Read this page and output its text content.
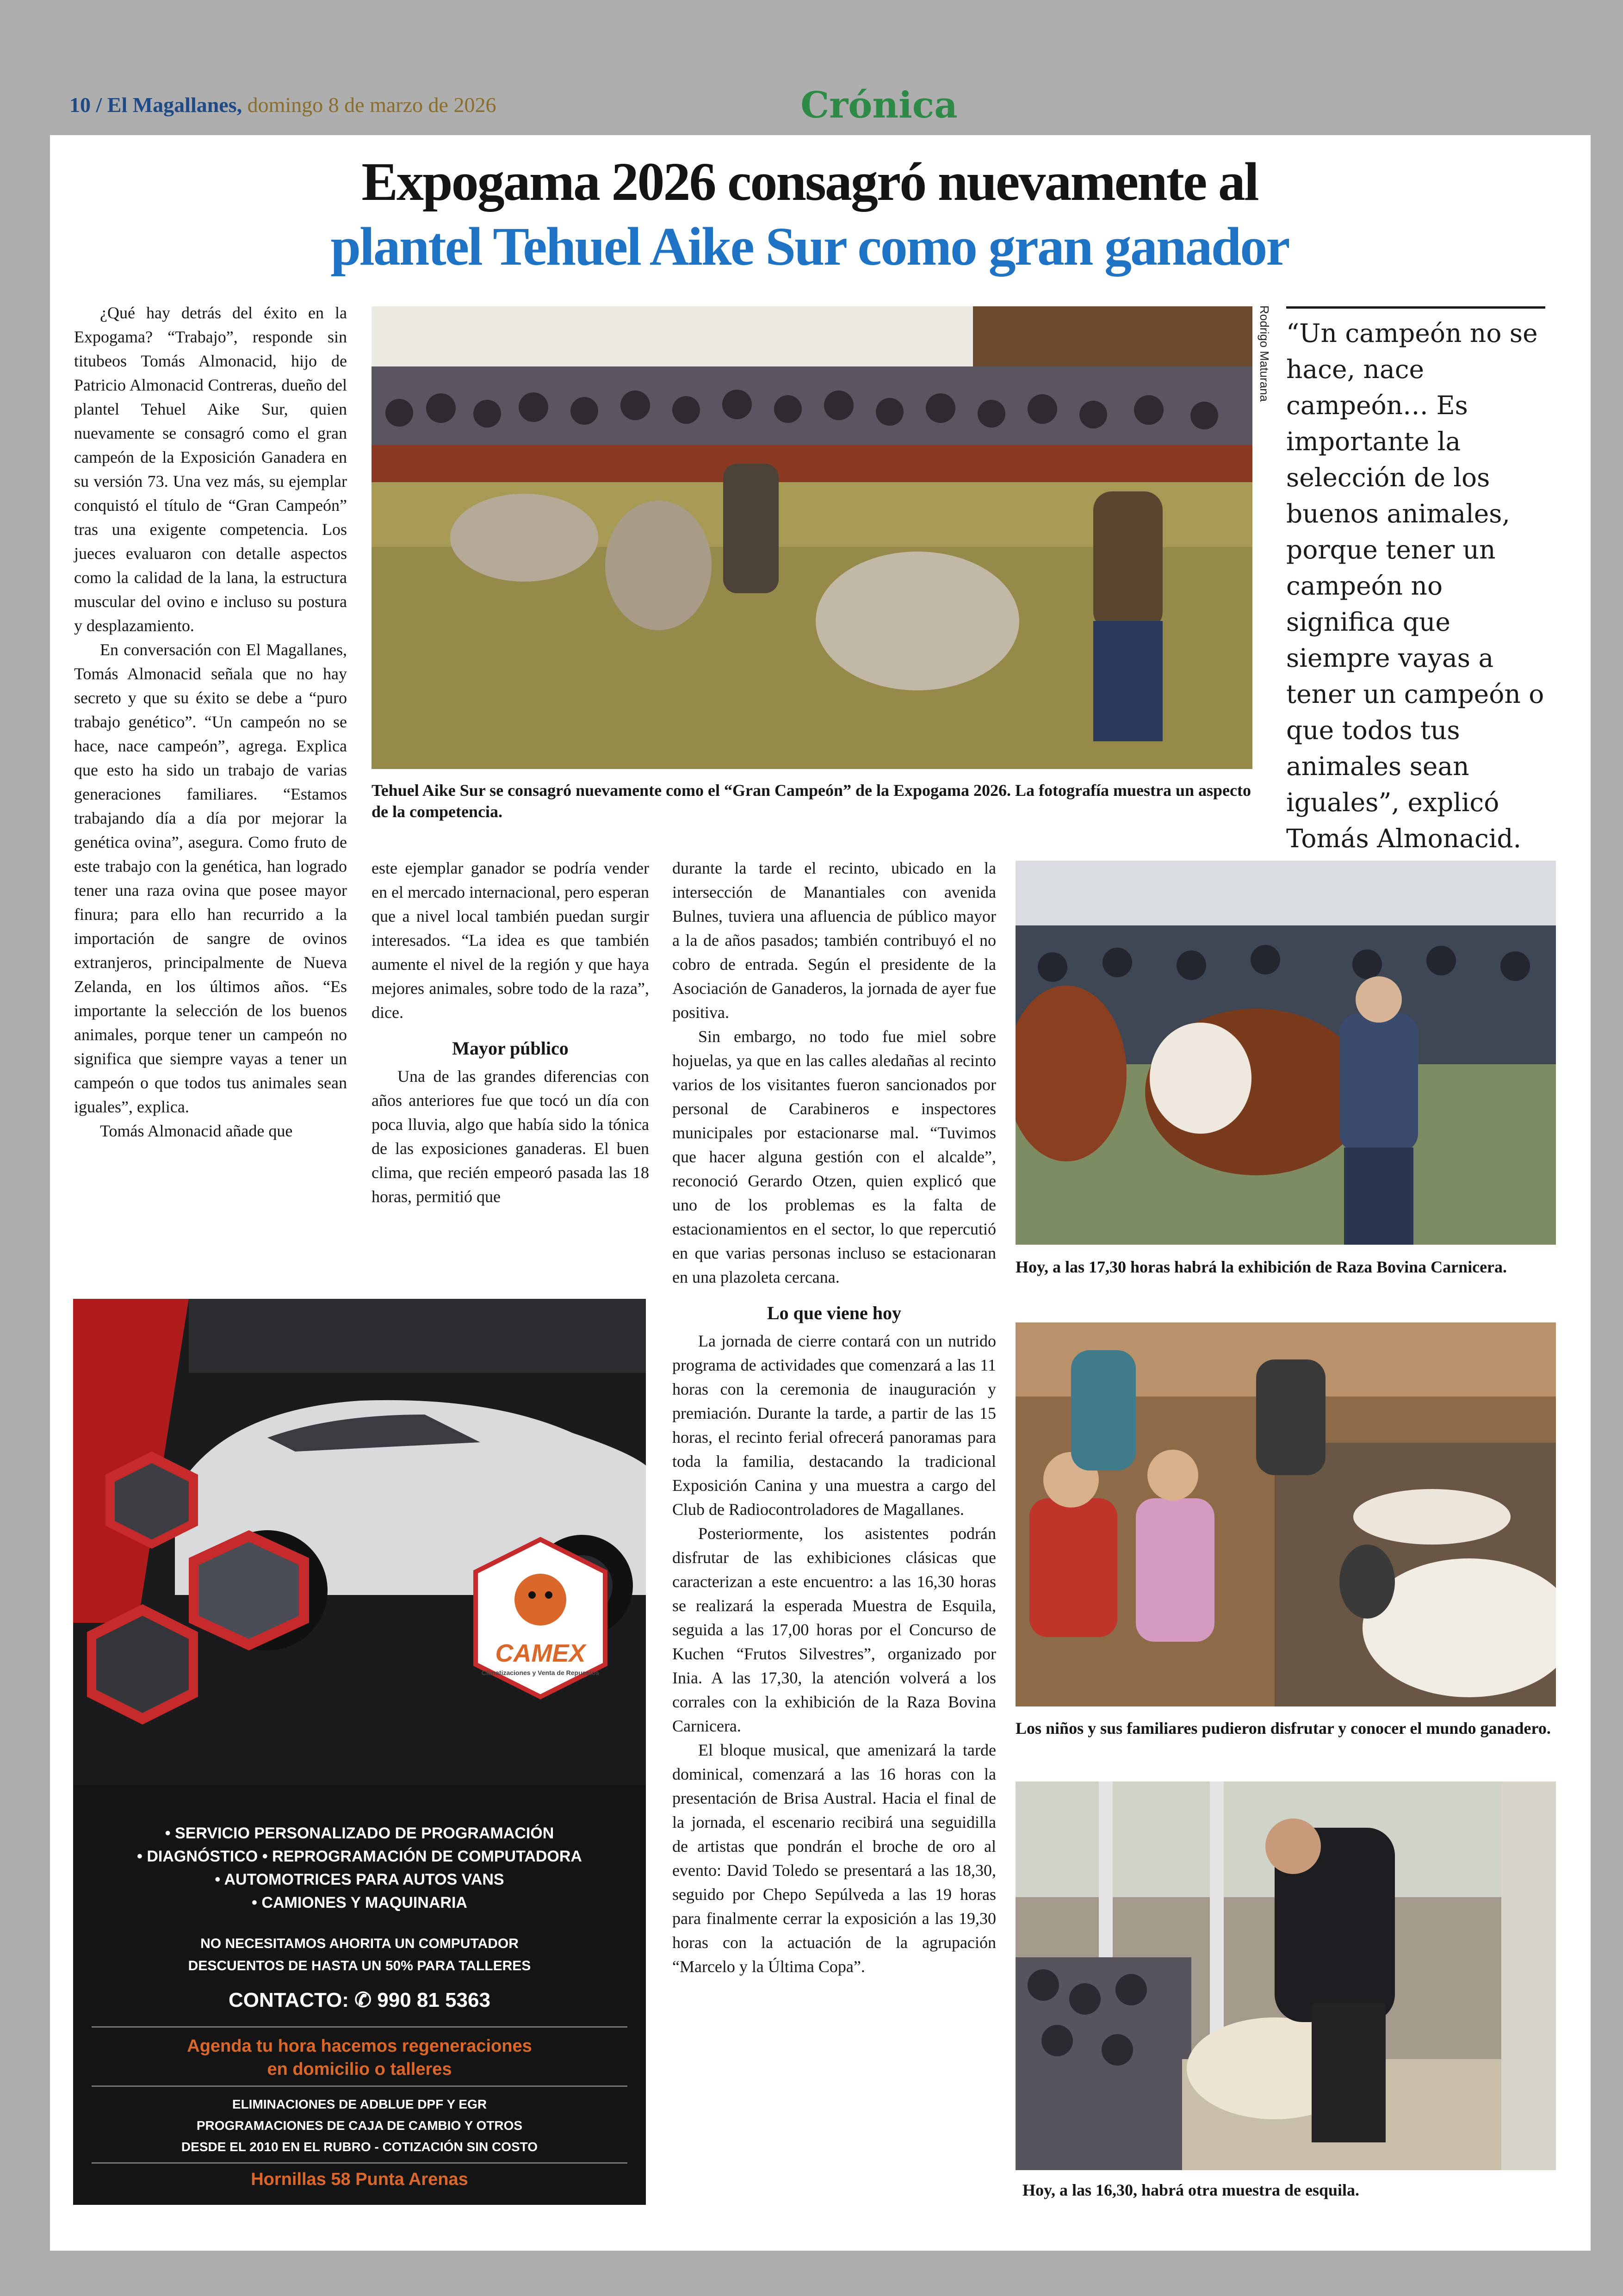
10 / El Magallanes, domingo 8 de marzo de 2026	Crónica
Expogama 2026 consagró nuevamente al
plantel Tehuel Aike Sur como gran ganador

¿Qué hay detrás del éxito en la Expogama? “Trabajo”, responde sin titubeos Tomás Almonacid, hijo de Patricio Almonacid Contreras, dueño del plantel Tehuel Aike Sur, quien nuevamente se consagró como el gran campeón de la Exposición Ganadera en su versión 73. Una vez más, su ejemplar conquistó el título de “Gran Campeón” tras una exigente competencia. Los jueces evaluaron con detalle aspectos como la calidad de la lana, la estructura muscular del ovino e incluso su postura y desplazamiento.

En conversación con El Magallanes, Tomás Almonacid señala que no hay secreto y que su éxito se debe a “puro trabajo genético”. “Un campeón no se hace, nace campeón”, agrega. Explica que esto ha sido un trabajo de varias generaciones familiares. “Estamos trabajando día a día por mejorar la genética ovina”, asegura. Como fruto de este trabajo con la genética, han logrado tener una raza ovina que posee mayor finura; para ello han recurrido a la importación de sangre de ovinos extranjeros, principalmente de Nueva Zelanda, en los últimos años. “Es importante la selección de los buenos animales, porque tener un campeón no significa que siempre vayas a tener un campeón o que todos tus animales sean iguales”, explica.

Tomás Almonacid añade que

Rodrigo Maturana
Tehuel Aike Sur se consagró nuevamente como el “Gran Campeón” de la Expogama 2026. La fotografía muestra un aspecto de la competencia.
“Un campeón no se hace, nace campeón… Es importante la selección de los buenos animales, porque tener un campeón no significa que siempre vayas a tener un campeón o que todos tus animales sean iguales”, explicó Tomás Almonacid.

este ejemplar ganador se podría vender en el mercado internacional, pero esperan que a nivel local también puedan surgir interesados. “La idea es que también aumente el nivel de la región y que haya mejores animales, sobre todo de la raza”, dice.

Mayor público

Una de las grandes diferencias con años anteriores fue que tocó un día con poca lluvia, algo que había sido la tónica de las exposiciones ganaderas. El buen clima, que recién empeoró pasada las 18 horas, permitió que

durante la tarde el recinto, ubicado en la intersección de Manantiales con avenida Bulnes, tuviera una afluencia de público mayor a la de años pasados; también contribuyó el no cobro de entrada. Según el presidente de la Asociación de Ganaderos, la jornada de ayer fue positiva.

Sin embargo, no todo fue miel sobre hojuelas, ya que en las calles aledañas al recinto varios de los visitantes fueron sancionados por personal de Carabineros e inspectores municipales por estacionarse mal. “Tuvimos que hacer alguna gestión con el alcalde”, reconoció Gerardo Otzen, quien explicó que uno de los problemas es la falta de estacionamientos en el sector, lo que repercutió en que varias personas incluso se estacionaran en una plazoleta cercana.

Lo que viene hoy

La jornada de cierre contará con un nutrido programa de actividades que comenzará a las 11 horas con la ceremonia de inauguración y premiación. Durante la tarde, a partir de las 15 horas, el recinto ferial ofrecerá panoramas para toda la familia, destacando la tradicional Exposición Canina y una muestra a cargo del Club de Radiocontroladores de Magallanes.

Posteriormente, los asistentes podrán disfrutar de las exhibiciones clásicas que caracterizan a este encuentro: a las 16,30 horas se realizará la esperada Muestra de Esquila, seguida a las 17,00 horas por el Concurso de Kuchen “Frutos Silvestres”, organizado por Inia. A las 17,30, la atención volverá a los corrales con la exhibición de la Raza Bovina Carnicera.

El bloque musical, que amenizará la tarde dominical, comenzará a las 16 horas con la presentación de Brisa Austral. Hacia el final de la jornada, el escenario recibirá una seguidilla de artistas que pondrán el broche de oro al evento: David Toledo se presentará a las 18,30, seguido por Chepo Sepúlveda a las 19 horas para finalmente cerrar la exposición a las 19,30 horas con la actuación de la agrupación “Marcelo y la Última Copa”.

Hoy, a las 17,30 horas habrá la exhibición de Raza Bovina Carnicera.
Los niños y sus familiares pudieron disfrutar y conocer el mundo ganadero.
Hoy, a las 16,30, habrá otra muestra de esquila.
CAMEX
Climatizaciones y Venta de Repuestos
• SERVICIO PERSONALIZADO DE PROGRAMACIÓN
• DIAGNÓSTICO • REPROGRAMACIÓN DE COMPUTADORA
• AUTOMOTRICES PARA AUTOS VANS
• CAMIONES Y MAQUINARIA
NO NECESITAMOS AHORITA UN COMPUTADOR
DESCUENTOS DE HASTA UN 50% PARA TALLERES
CONTACTO: ✆ 990 81 5363
Agenda tu hora hacemos regeneraciones
en domicilio o talleres
ELIMINACIONES DE ADBLUE DPF Y EGR
PROGRAMACIONES DE CAJA DE CAMBIO Y OTROS
DESDE EL 2010 EN EL RUBRO - COTIZACIÓN SIN COSTO
Hornillas 58 Punta Arenas
